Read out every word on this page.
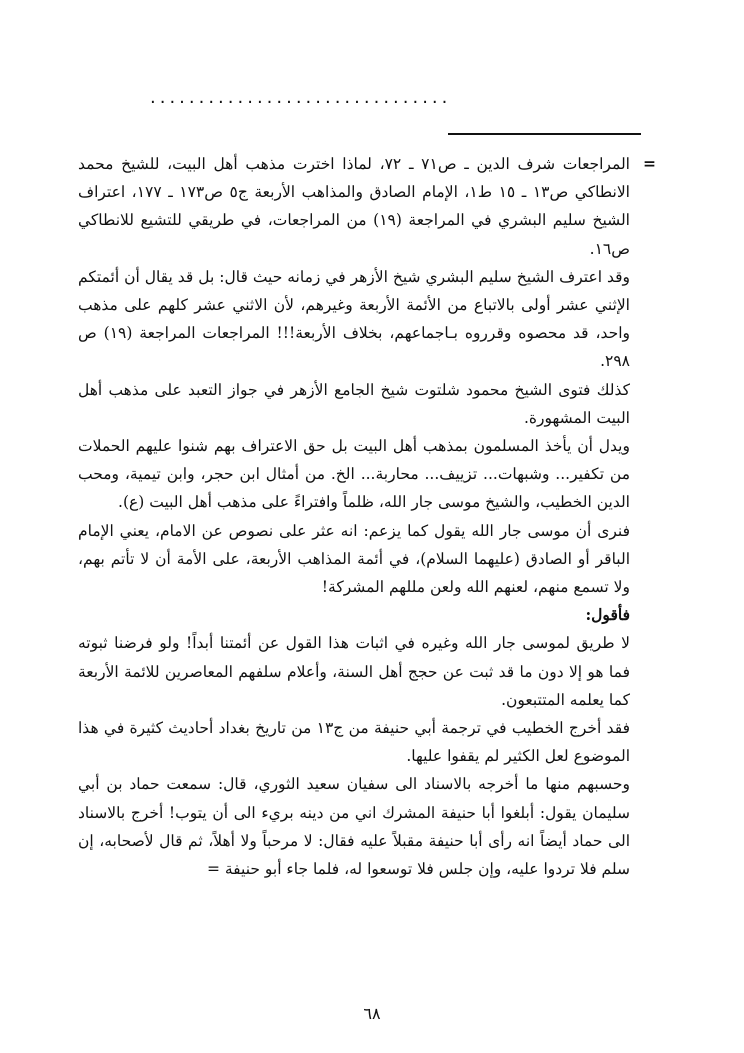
...............................

= المراجعات شرف الدين ـ ص٧١ ـ ٧٢، لماذا اخترت مذهب أهل البيت، للشيخ محمد الانطاكي ص١٣ ـ ١٥ ط١، الإمام الصادق والمذاهب الأربعة ج٥ ص١٧٣ ـ ١٧٧، اعتراف الشيخ سليم البشري في المراجعة (١٩) من المراجعات، في طريقي للتشيع للانطاكي ص١٦.

وقد اعترف الشيخ سليم البشري شيخ الأزهر في زمانه حيث قال: بل قد يقال أن أئمتكم الإثني عشر أولى بالاتباع من الأئمة الأربعة وغيرهم، لأن الاثني عشر كلهم على مذهب واحد، قد محصوه وقرروه بـاجماعهم، بخلاف الأربعة!!! المراجعات المراجعة (١٩) ص ٢٩٨.

كذلك فتوى الشيخ محمود شلتوت شيخ الجامع الأزهر في جواز التعبد على مذهب أهل البيت المشهورة.

ويدل أن يأخذ المسلمون بمذهب أهل البيت بل حق الاعتراف بهم شنوا عليهم الحملات من تكفير... وشبهات... تزييف... محاربة... الخ. من أمثال ابن حجر، وابن تيمية، ومحب الدين الخطيب، والشيخ موسى جار الله، ظلماً وافتراءً على مذهب أهل البيت (ع).

فنرى أن موسى جار الله يقول كما يزعم: انه عثر على نصوص عن الامام، يعني الإمام الباقر أو الصادق (عليهما السلام)، في أئمة المذاهب الأربعة، على الأمة أن لا تأتم بهم، ولا تسمع منهم، لعنهم الله ولعن مللهم المشركة!

فأقول:

لا طريق لموسى جار الله وغيره في اثبات هذا القول عن أئمتنا أبداً! ولو فرضنا ثبوته فما هو إلا دون ما قد ثبت عن حجج أهل السنة، وأعلام سلفهم المعاصرين للائمة الأربعة كما يعلمه المتتبعون.

فقد أخرج الخطيب في ترجمة أبي حنيفة من ج١٣ من تاريخ بغداد أحاديث كثيرة في هذا الموضوع لعل الكثير لم يقفوا عليها.

وحسبهم منها ما أخرجه بالاسناد الى سفيان سعيد الثوري، قال: سمعت حماد بن أبي سليمان يقول: أبلغوا أبا حنيفة المشرك اني من دينه بريء الى أن يتوب! أخرج بالاسناد الى حماد أيضاً انه رأى أبا حنيفة مقبلاً عليه فقال: لا مرحباً ولا أهلاً، ثم قال لأصحابه، إن سلم فلا تردوا عليه، وإن جلس فلا توسعوا له، فلما جاء أبو حنيفة =

٦٨
